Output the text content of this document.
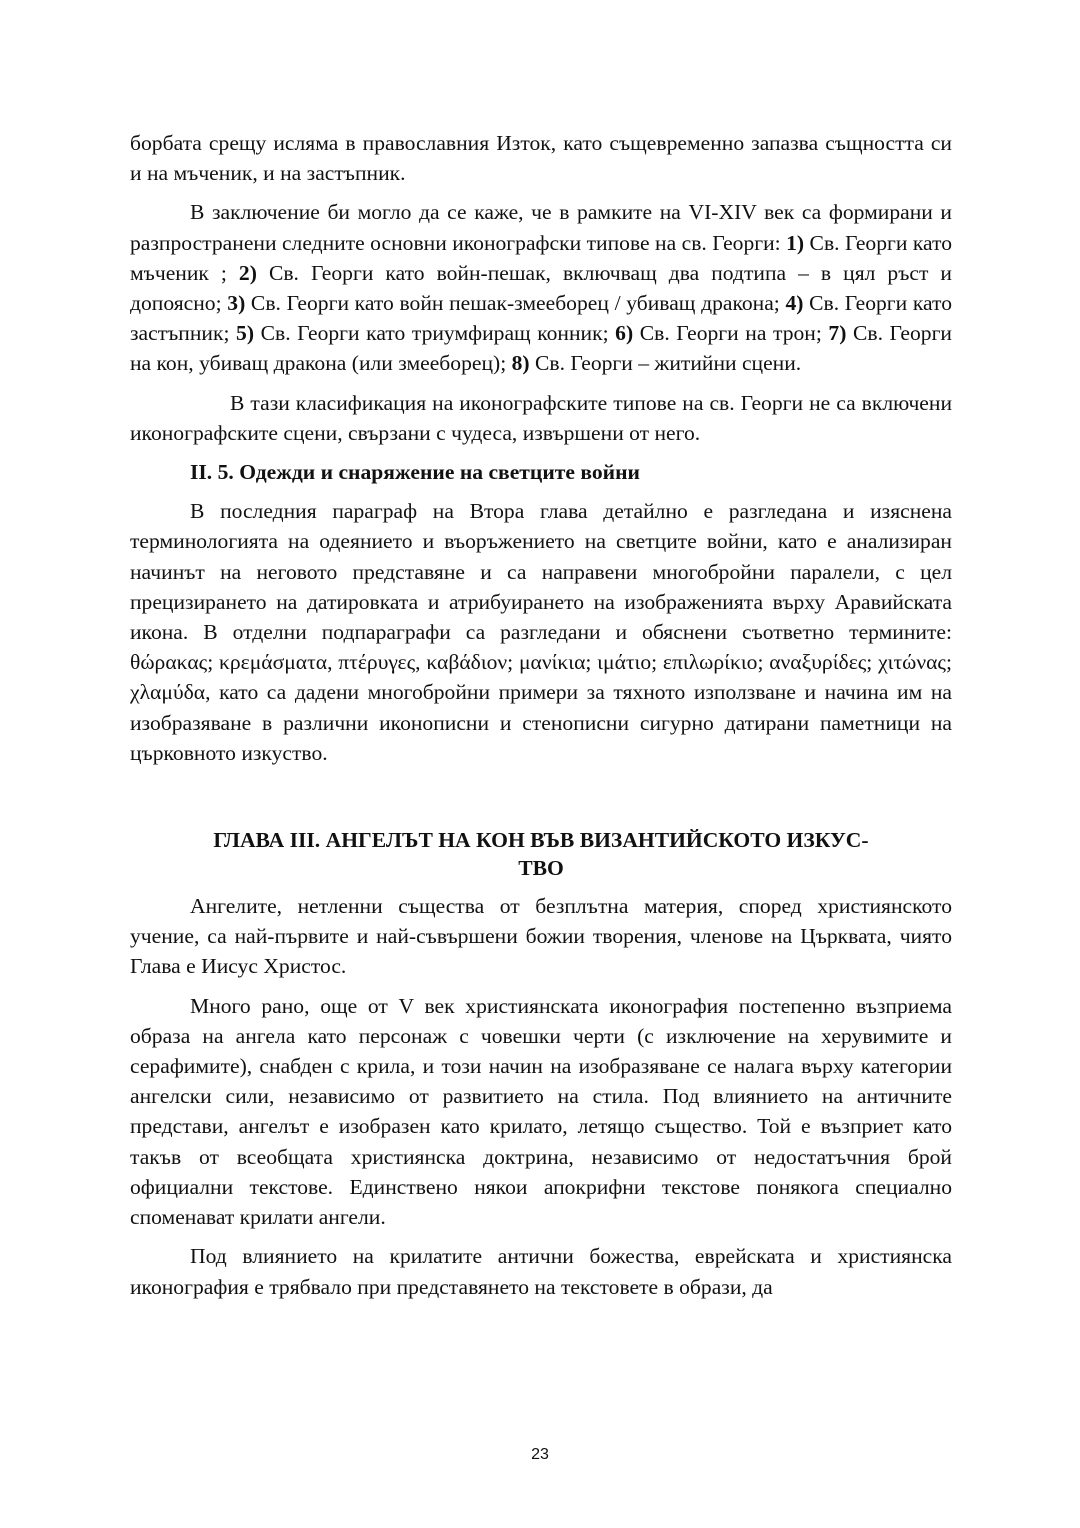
борбата срещу исляма в православния Изток, като същевременно запазва същността си и на мъченик, и на застъпник.

В заключение би могло да се каже, че в рамките на VI-XIV век са формирани и разпространени следните основни иконографски типове на св. Георги: 1) Св. Георги като мъченик ; 2) Св. Георги като войн-пешак, включващ два подтипа – в цял ръст и допоясно; 3) Св. Георги като войн пешак-змееборец / убиващ дракона; 4) Св. Георги като застъпник; 5) Св. Георги като триумфиращ конник; 6) Св. Георги на трон; 7) Св. Георги на кон, убиващ дракона (или змееборец); 8) Св. Георги – житийни сцени.

В тази класификация на иконографските типове на св. Георги не са включени иконографските сцени, свързани с чудеса, извършени от него.

II. 5. Одежди и снаряжение на светците войни

В последния параграф на Втора глава детайлно е разгледана и изяснена терминологията на одеянието и въоръжението на светците войни, като е анализиран начинът на неговото представяне и са направени многобройни паралели, с цел прецизирането на датировката и атрибуирането на изображенията върху Аравийската икона. В отделни подпараграфи са разгледани и обяснени съответно термините: θώρακας; κρεμάσματα, πτέρυγες, καβάδιον; μανίκια; ιμάτιο; επιλωρίκιο; αναξυρίδες; χιτώνας; χλαμύδα, като са дадени многобройни примери за тяхното използване и начина им на изобразяване в различни иконописни и стенописни сигурно датирани паметници на църковното изкуство.

ГЛАВА III. АНГЕЛЪТ НА КОН ВЪВ ВИЗАНТИЙСКОТО ИЗКУС-
ТВО

Ангелите, нетленни същества от безплътна материя, според християнското учение, са най-първите и най-съвършени божии творения, членове на Църквата, чиято Глава е Иисус Христос.

Много рано, още от V век християнската иконография постепенно възприема образа на ангела като персонаж с човешки черти (с изключение на херувимите и серафимите), снабден с крила, и този начин на изобразяване се налага върху категории ангелски сили, независимо от развитието на стила. Под влиянието на античните представи, ангелът е изобразен като крилато, летящо същество. Той е възприет като такъв от всеобщата християнска доктрина, независимо от недостатъчния брой официални текстове. Единствено някои апокрифни текстове понякога специално споменават крилати ангели.

Под влиянието на крилатите антични божества, еврейската и християнска иконография е трябвало при представянето на текстовете в образи, да

23
